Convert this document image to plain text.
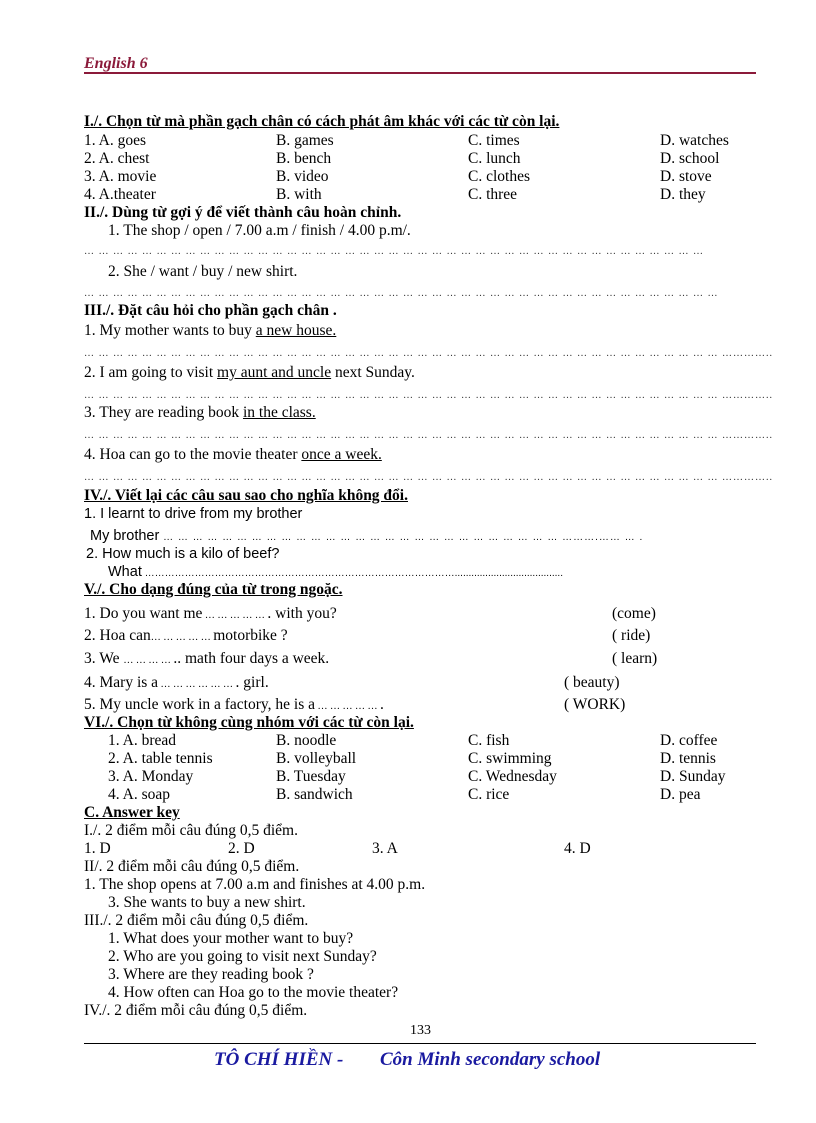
English 6
I./. Chọn từ mà phần gạch chân có cách phát âm khác với các từ còn lại.
1. A. goes	B. games	C. times	D. watches
2. A. chest	B. bench	C. lunch	D. school
3. A. movie	B. video	C. clothes	D. stove
4. A.theater	B. with	C. three	D. they
II./. Dùng từ gợi ý để viết thành câu hoàn chỉnh.
1. The shop / open / 7.00 a.m / finish / 4.00 p.m/.
… … … … … … … … … … … … … … … … … … … … … … … … … … … … … … … … … … … … … … … … … … …
2. She / want / buy / new shirt.
… … … … … … … … … … … … … … … … … … … … … … … … … … … … … … … … … … … … … … … … … … … …
III./. Đặt câu hỏi cho phần gạch chân .
1. My mother wants to buy a new house.
… … … … … … … … … … … … … … … … … … … … … … … … … … … … … … … … … … … … … … … … … … … … …………..
2. I am going to visit my aunt and uncle next Sunday.
… … … … … … … … … … … … … … … … … … … … … … … … … … … … … … … … … … … … … … … … … … … … …………..
3. They are reading book in the class.
… … … … … … … … … … … … … … … … … … … … … … … … … … … … … … … … … … … … … … … … … … … … …………..
4. Hoa can go to the movie theater once a week.
… … … … … … … … … … … … … … … … … … … … … … … … … … … … … … … … … … … … … … … … … … … … …………..
IV./. Viết lại các câu sau sao cho nghĩa không đổi.
1. I learnt to drive from my brother
My brother … … … … … … … … … … … … … … … … … … … … … … … … … … … ……….…… … .
2. How much is a kilo of beef?
What ………………………………………………………………………………….......................................
V./. Cho dạng đúng của từ trong ngoặc.
1. Do you want me … … … … … . with you?	(come)
2. Hoa can… … … … … motorbike ?	( ride)
3. We … … … … .. math four days a week.	( learn)
4. Mary is a … … … … … … . girl.	( beauty)
5. My uncle work in a factory, he is a … … … … … .	( WORK)
VI./. Chọn từ không cùng nhóm với các từ còn lại.
1. A. bread	B. noodle	C. fish	D. coffee
2. A. table tennis	B. volleyball	C. swimming	D. tennis
3. A. Monday	B. Tuesday	C. Wednesday	D. Sunday
4. A. soap	B. sandwich	C. rice	D. pea
C. Answer key
I./. 2 điểm mỗi câu đúng 0,5 điểm.
1. D	2. D	3. A	4. D
II/. 2 điểm mỗi câu đúng 0,5 điểm.
1. The shop opens at 7.00 a.m and finishes at 4.00 p.m.
3. She wants to buy a new shirt.
III./. 2 điểm mỗi câu đúng 0,5 điểm.
1. What does your mother want to buy?
2. Who are you going to visit next Sunday?
3. Where are they reading book ?
4. How often can Hoa go to the movie theater?
IV./. 2 điểm mỗi câu đúng 0,5 điểm.
133
TÔ CHÍ HIỀN - Côn Minh secondary school
